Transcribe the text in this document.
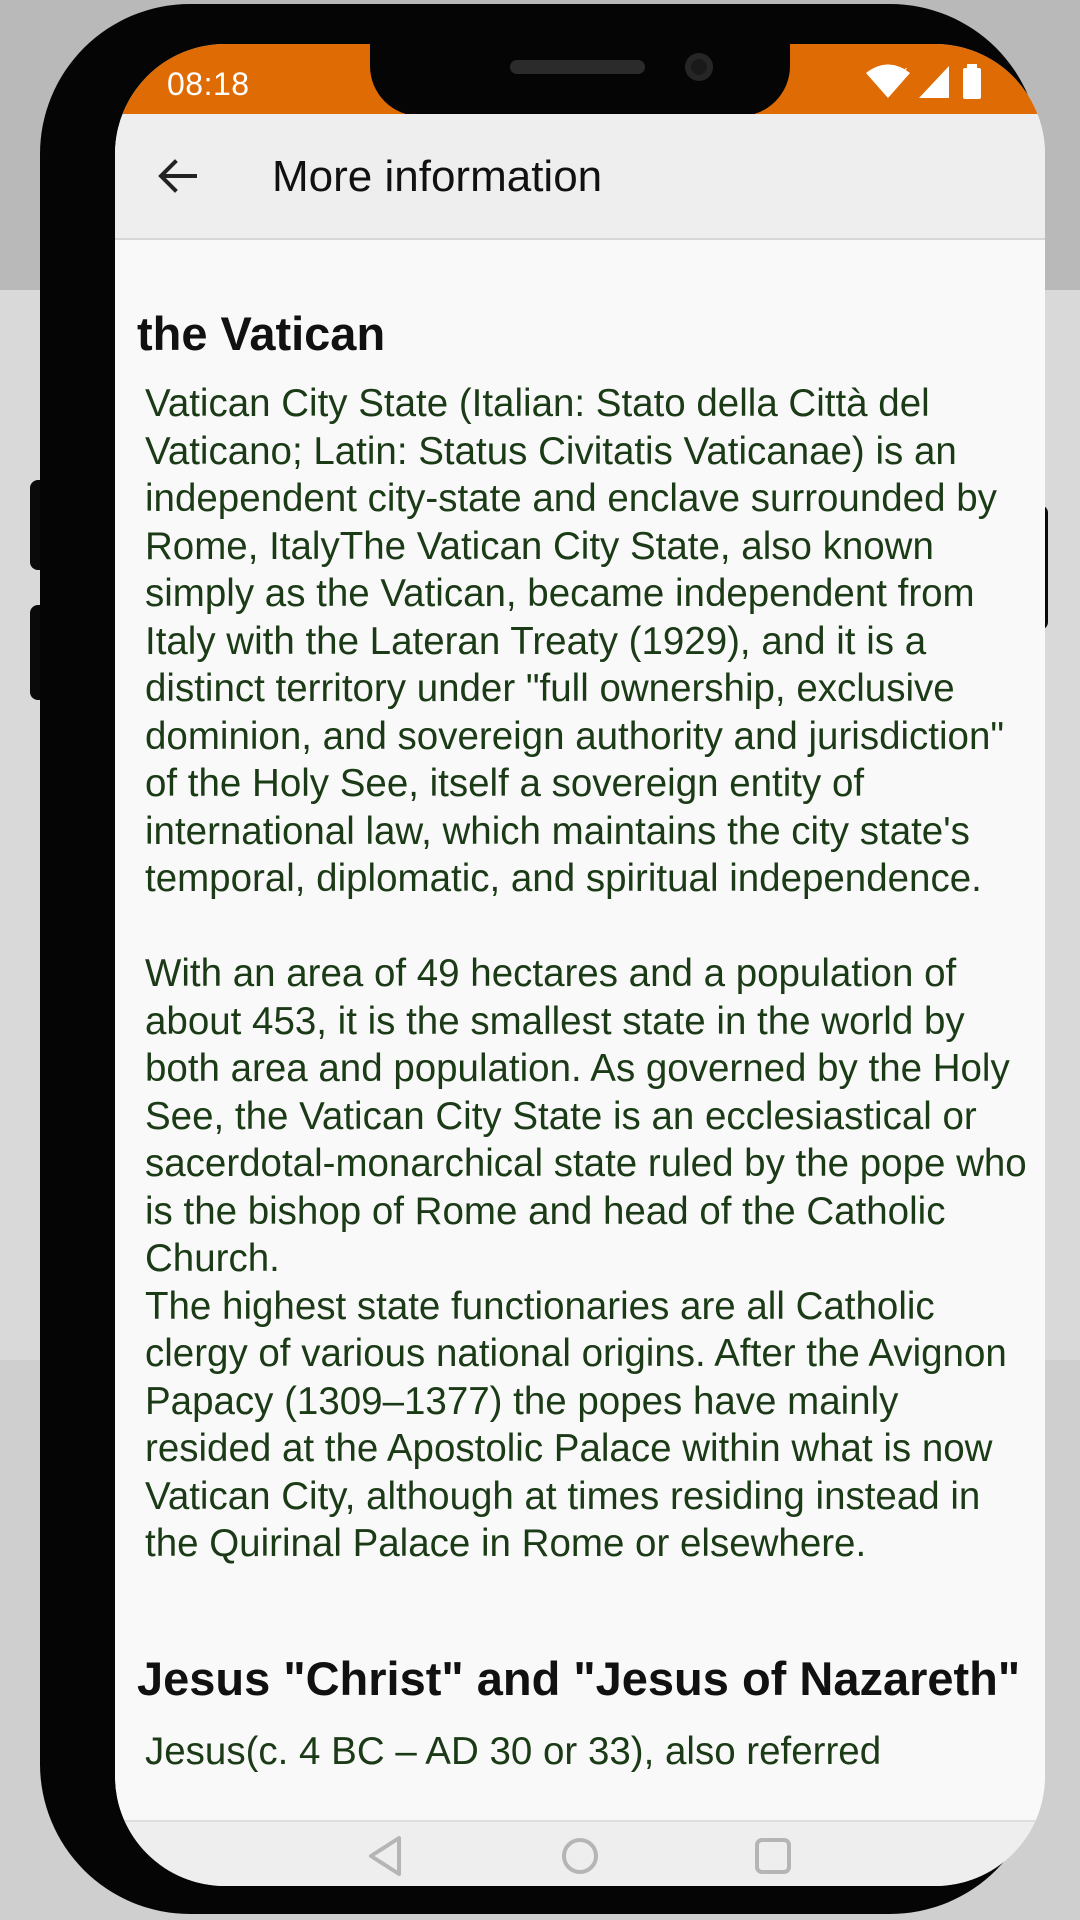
08:18	x
More information
the Vatican
Vatican City State (Italian: Stato della Città del Vaticano; Latin: Status Civitatis Vaticanae) is an independent city-state and enclave surrounded by Rome, ItalyThe Vatican City State, also known simply as the Vatican, became independent from Italy with the Lateran Treaty (1929), and it is a distinct territory under "full ownership, exclusive dominion, and sovereign authority and jurisdiction" of the Holy See, itself a sovereign entity of international law, which maintains the city state's temporal, diplomatic, and spiritual independence.

With an area of 49 hectares and a population of about 453, it is the smallest state in the world by both area and population. As governed by the Holy See, the Vatican City State is an ecclesiastical or sacerdotal-monarchical state ruled by the pope who is the bishop of Rome and head of the Catholic Church.
The highest state functionaries are all Catholic clergy of various national origins. After the Avignon Papacy (1309–1377) the popes have mainly resided at the Apostolic Palace within what is now Vatican City, although at times residing instead in the Quirinal Palace in Rome or elsewhere.
Jesus "Christ" and "Jesus of Nazareth"
Jesus(c. 4 BC – AD 30 or 33), also referred
